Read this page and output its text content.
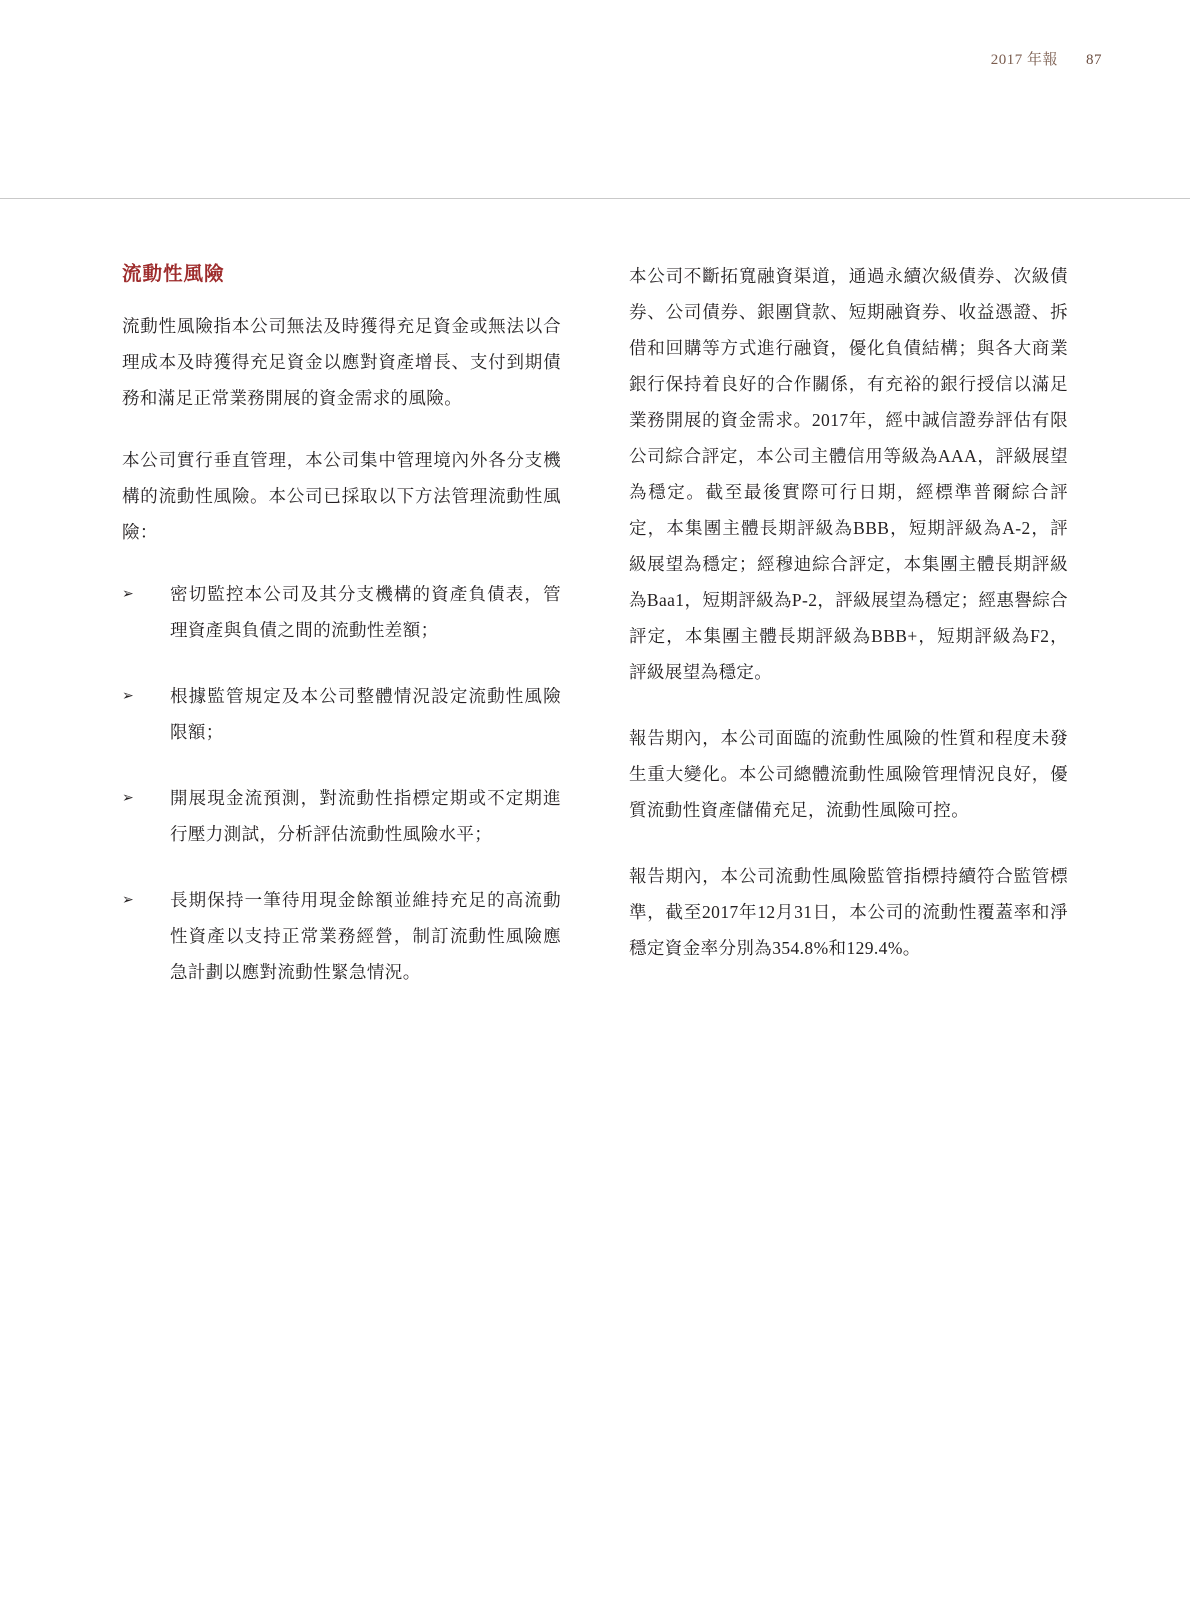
2017 年報 87
流動性風險

流動性風險指本公司無法及時獲得充足資金或無法以合理成本及時獲得充足資金以應對資產增長、支付到期債務和滿足正常業務開展的資金需求的風險。

本公司實行垂直管理，本公司集中管理境內外各分支機構的流動性風險。本公司已採取以下方法管理流動性風險：

➢ 密切監控本公司及其分支機構的資產負債表，管理資產與負債之間的流動性差額；
➢ 根據監管規定及本公司整體情況設定流動性風險限額；
➢ 開展現金流預測，對流動性指標定期或不定期進行壓力測試，分析評估流動性風險水平；
➢ 長期保持一筆待用現金餘額並維持充足的高流動性資產以支持正常業務經營，制訂流動性風險應急計劃以應對流動性緊急情況。

本公司不斷拓寬融資渠道，通過永續次級債券、次級債券、公司債券、銀團貸款、短期融資券、收益憑證、拆借和回購等方式進行融資，優化負債結構；與各大商業銀行保持着良好的合作關係，有充裕的銀行授信以滿足業務開展的資金需求。2017年，經中誠信證券評估有限公司綜合評定，本公司主體信用等級為AAA，評級展望為穩定。截至最後實際可行日期，經標準普爾綜合評定，本集團主體長期評級為BBB，短期評級為A-2，評級展望為穩定；經穆迪綜合評定，本集團主體長期評級為Baa1，短期評級為P-2，評級展望為穩定；經惠譽綜合評定，本集團主體長期評級為BBB+，短期評級為F2，評級展望為穩定。

報告期內，本公司面臨的流動性風險的性質和程度未發生重大變化。本公司總體流動性風險管理情況良好，優質流動性資產儲備充足，流動性風險可控。

報告期內，本公司流動性風險監管指標持續符合監管標準，截至2017年12月31日，本公司的流動性覆蓋率和淨穩定資金率分別為354.8%和129.4%。
